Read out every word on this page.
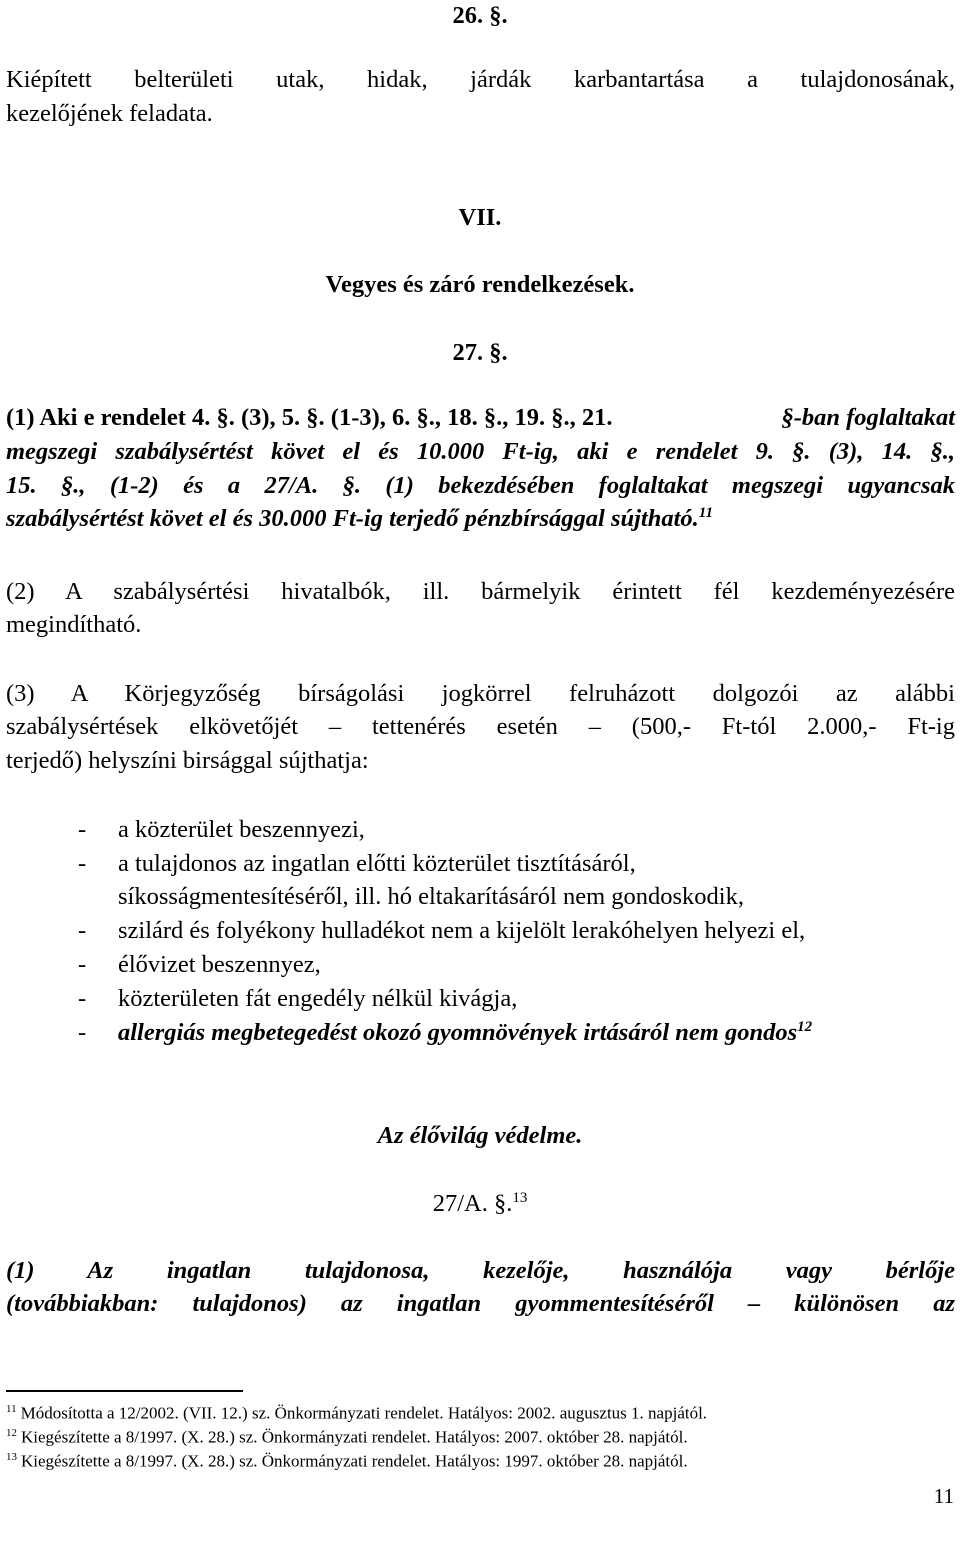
26. §.
Kiépített belterületi utak, hidak, járdák karbantartása a tulajdonosának,
kezelőjének feladata.
VII.
Vegyes és záró rendelkezések.
27. §.
(1) Aki e rendelet 4. §. (3), 5. §. (1-3), 6. §., 18. §., 19. §., 21.	§-ban foglaltakat
megszegi szabálysértést követ el és 10.000 Ft-ig, aki e rendelet 9. §. (3), 14. §.,
15. §., (1-2) és a 27/A. §. (1) bekezdésében foglaltakat megszegi ugyancsak
szabálysértést követ el és 30.000 Ft-ig terjedő pénzbírsággal sújtható.$^{11}$
(2) A szabálysértési hivatalbók, ill. bármelyik érintett fél kezdeményezésére
megindítható.
(3) A Körjegyzőség bírságolási jogkörrel felruházott dolgozói az alábbi
szabálysértések elkövetőjét – tettenérés esetén – (500,- Ft-tól 2.000,- Ft-ig
terjedő) helyszíni birsággal sújthatja:
- a közterület beszennyezi,
- a tulajdonos az ingatlan előtti közterület tisztításáról,
síkosságmentesítéséről, ill. hó eltakarításáról nem gondoskodik,
- szilárd és folyékony hulladékot nem a kijelölt lerakóhelyen helyezi el,
- élővizet beszennyez,
- közterületen fát engedély nélkül kivágja,
- allergiás megbetegedést okozó gyomnövények irtásáról nem gondos$^{12}$
Az élővilág védelme.
27/A. §.$^{13}$
(1) Az ingatlan tulajdonosa, kezelője, használója vagy bérlője
(továbbiakban: tulajdonos) az ingatlan gyommentesítéséről – különösen az
$^{11}$ Módosította a 12/2002. (VII. 12.) sz. Önkormányzati rendelet. Hatályos: 2002. augusztus 1. napjától.
$^{12}$ Kiegészítette a 8/1997. (X. 28.) sz. Önkormányzati rendelet. Hatályos: 2007. október 28. napjától.
$^{13}$ Kiegészítette a 8/1997. (X. 28.) sz. Önkormányzati rendelet. Hatályos: 1997. október 28. napjától.
11
